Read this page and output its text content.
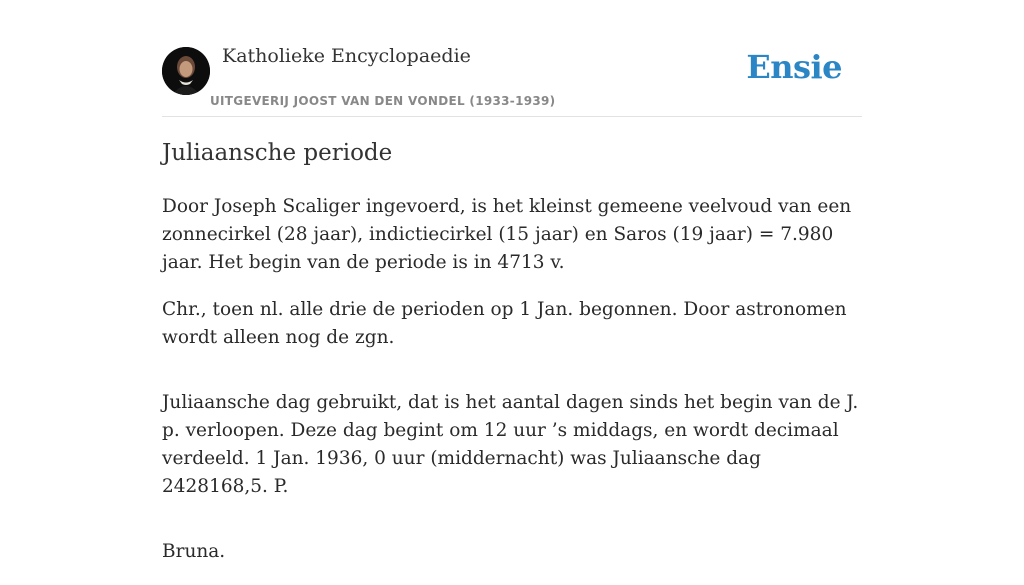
Katholieke Encyclopaedie
UITGEVERIJ JOOST VAN DEN VONDEL (1933-1939)
Ensie
Juliaansche periode

Door Joseph Scaliger ingevoerd, is het kleinst gemeene veelvoud van een zonnecirkel (28 jaar), indictiecirkel (15 jaar) en Saros (19 jaar) = 7.980 jaar. Het begin van de periode is in 4713 v.

Chr., toen nl. alle drie de perioden op 1 Jan. begonnen. Door astronomen wordt alleen nog de zgn.

Juliaansche dag gebruikt, dat is het aantal dagen sinds het begin van de J. p. verloopen. Deze dag begint om 12 uur ’s middags, en wordt decimaal verdeeld. 1 Jan. 1936, 0 uur (middernacht) was Juliaansche dag 2428168,5. P.

Bruna.
